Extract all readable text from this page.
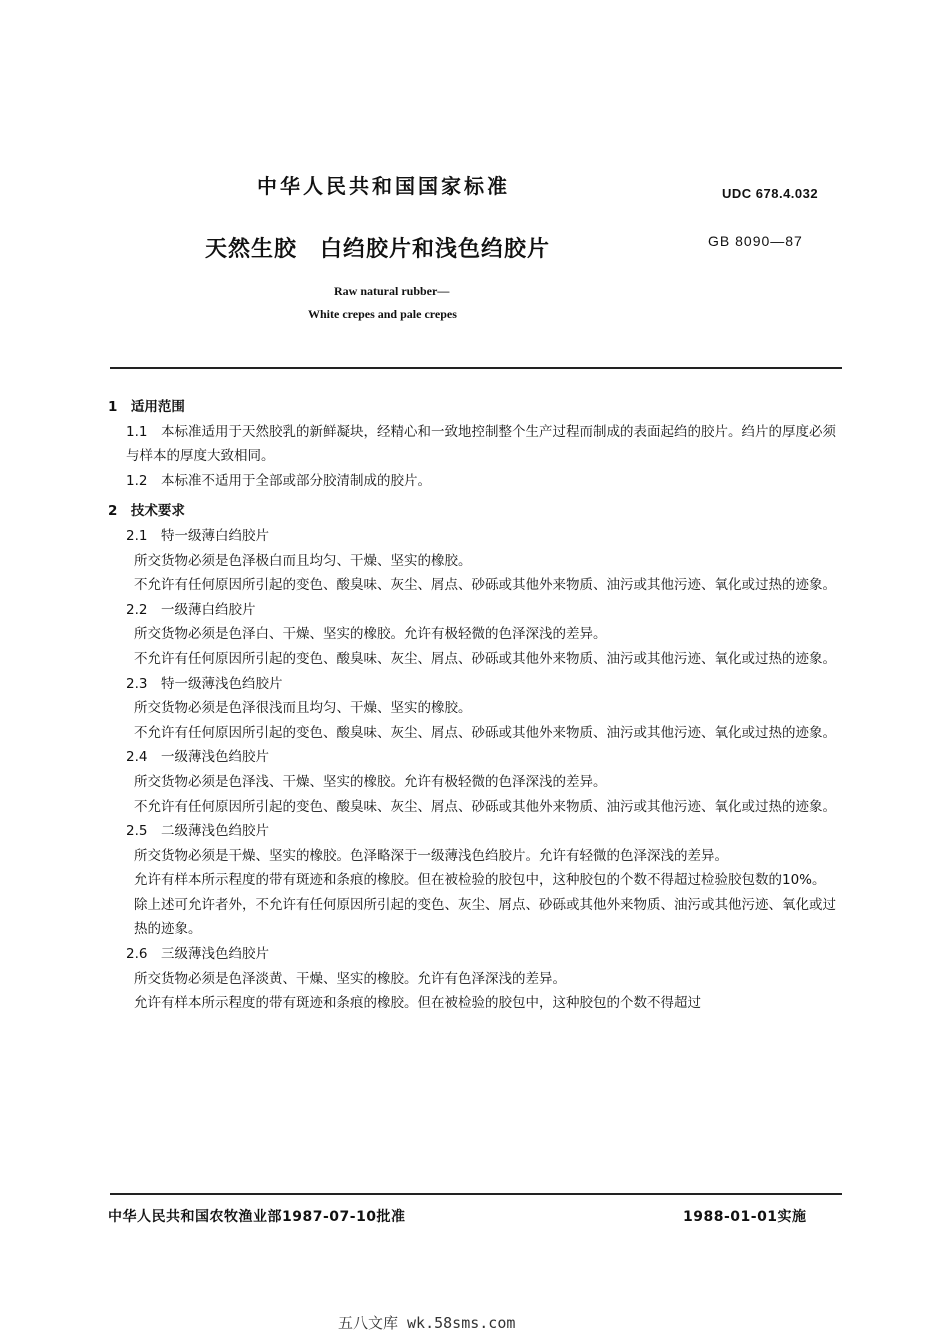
中华人民共和国国家标准	UDC 678.4.032
天然生胶　白绉胶片和浅色绉胶片	GB 8090—87
Raw natural rubber—
White crepes and pale crepes

1　适用范围

1.1　本标准适用于天然胶乳的新鲜凝块，经精心和一致地控制整个生产过程而制成的表面起绉的胶片。绉片的厚度必须与样本的厚度大致相同。

1.2　本标准不适用于全部或部分胶清制成的胶片。

2　技术要求

2.1　特一级薄白绉胶片

所交货物必须是色泽极白而且均匀、干燥、坚实的橡胶。

不允许有任何原因所引起的变色、酸臭味、灰尘、屑点、砂砾或其他外来物质、油污或其他污迹、氧化或过热的迹象。

2.2　一级薄白绉胶片

所交货物必须是色泽白、干燥、坚实的橡胶。允许有极轻微的色泽深浅的差异。

不允许有任何原因所引起的变色、酸臭味、灰尘、屑点、砂砾或其他外来物质、油污或其他污迹、氧化或过热的迹象。

2.3　特一级薄浅色绉胶片

所交货物必须是色泽很浅而且均匀、干燥、坚实的橡胶。

不允许有任何原因所引起的变色、酸臭味、灰尘、屑点、砂砾或其他外来物质、油污或其他污迹、氧化或过热的迹象。

2.4　一级薄浅色绉胶片

所交货物必须是色泽浅、干燥、坚实的橡胶。允许有极轻微的色泽深浅的差异。

不允许有任何原因所引起的变色、酸臭味、灰尘、屑点、砂砾或其他外来物质、油污或其他污迹、氧化或过热的迹象。

2.5　二级薄浅色绉胶片

所交货物必须是干燥、坚实的橡胶。色泽略深于一级薄浅色绉胶片。允许有轻微的色泽深浅的差异。

允许有样本所示程度的带有斑迹和条痕的橡胶。但在被检验的胶包中，这种胶包的个数不得超过检验胶包数的10%。

除上述可允许者外，不允许有任何原因所引起的变色、灰尘、屑点、砂砾或其他外来物质、油污或其他污迹、氧化或过热的迹象。

2.6　三级薄浅色绉胶片

所交货物必须是色泽淡黄、干燥、坚实的橡胶。允许有色泽深浅的差异。

允许有样本所示程度的带有斑迹和条痕的橡胶。但在被检验的胶包中，这种胶包的个数不得超过

中华人民共和国农牧渔业部1987-07-10批准	1988-01-01实施
五八文库 wk.58sms.com
